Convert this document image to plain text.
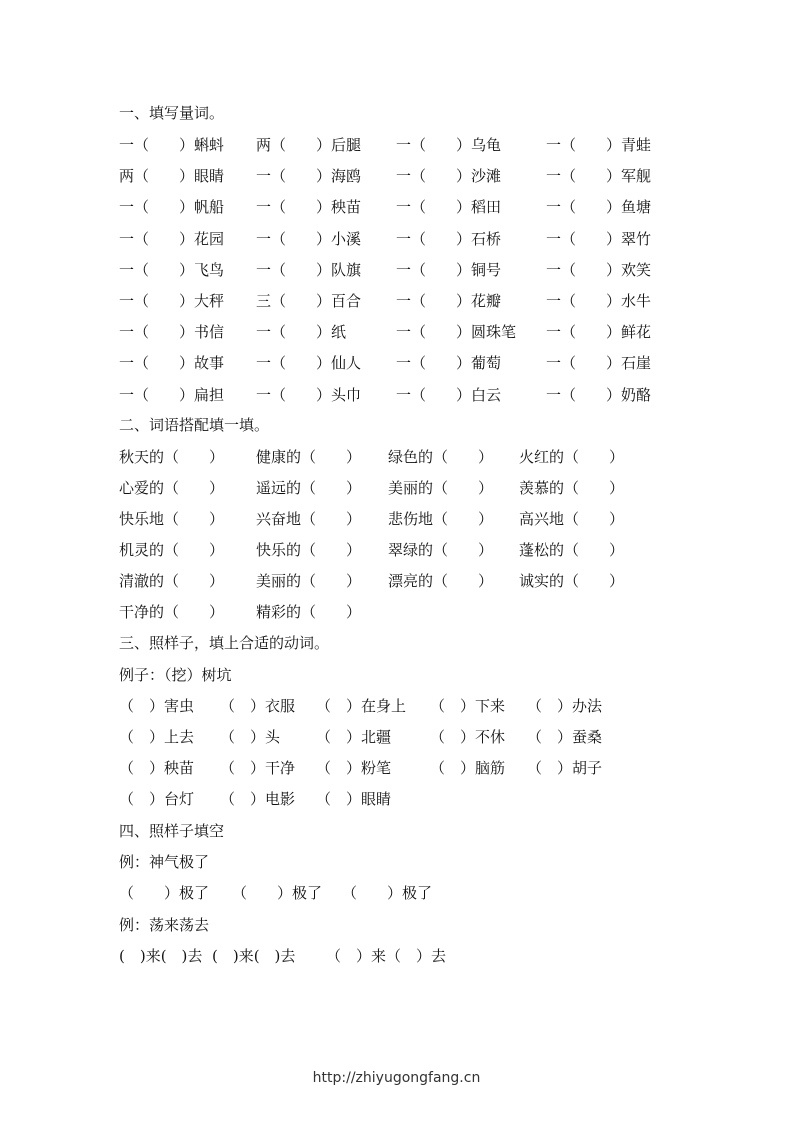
一、填写量词。
一（　　）蝌蚪 两（　　）后腿 一（　　）乌龟	一（　　）青蛙
两（　　）眼睛 一（　　）海鸥 一（　　）沙滩	一（　　）军舰
一（　　）帆船 一（　　）秧苗 一（　　）稻田	一（　　）鱼塘
一（　　）花园 一（　　）小溪 一（　　）石桥	一（　　）翠竹
一（　　）飞鸟 一（　　）队旗 一（　　）铜号	一（　　）欢笑
一（　　）大秤 三（　　）百合 一（　　）花瓣	一（　　）水牛
一（　　）书信 一（　　）纸	一（　　）圆珠笔 一（　　）鲜花
一（　　）故事 一（　　）仙人 一（　　）葡萄	一（　　）石崖
一（　　）扁担 一（　　）头巾 一（　　）白云	一（　　）奶酪
二、词语搭配填一填。
秋天的（　　） 健康的（　　） 绿色的（　　） 火红的（　　）
心爱的（　　） 遥远的（　　） 美丽的（　　） 羡慕的（　　）
快乐地（　　） 兴奋地（　　） 悲伤地（　　） 高兴地（　　）
机灵的（　　） 快乐的（　　） 翠绿的（　　） 蓬松的（　　）
清澈的（　　） 美丽的（　　） 漂亮的（　　） 诚实的（　　）
干净的（　　） 精彩的（　　）
三、照样子，填上合适的动词。
例子：（挖）树坑
（　）害虫 （　）衣服 （　）在身上 （　）下来 （　）办法
（　）上去 （　）头 （　）北疆	（　）不休 （　）蚕桑
（　）秧苗 （　）干净 （　）粉笔	（　）脑筋 （　）胡子
（　）台灯 （　）电影 （　）眼睛
四、照样子填空
例：神气极了
（　　）极了 （　　）极了 （　　）极了
例：荡来荡去
(　)来(　)去 (　)来(　)去 （　）来（　）去
http://zhiyugongfang.cn
